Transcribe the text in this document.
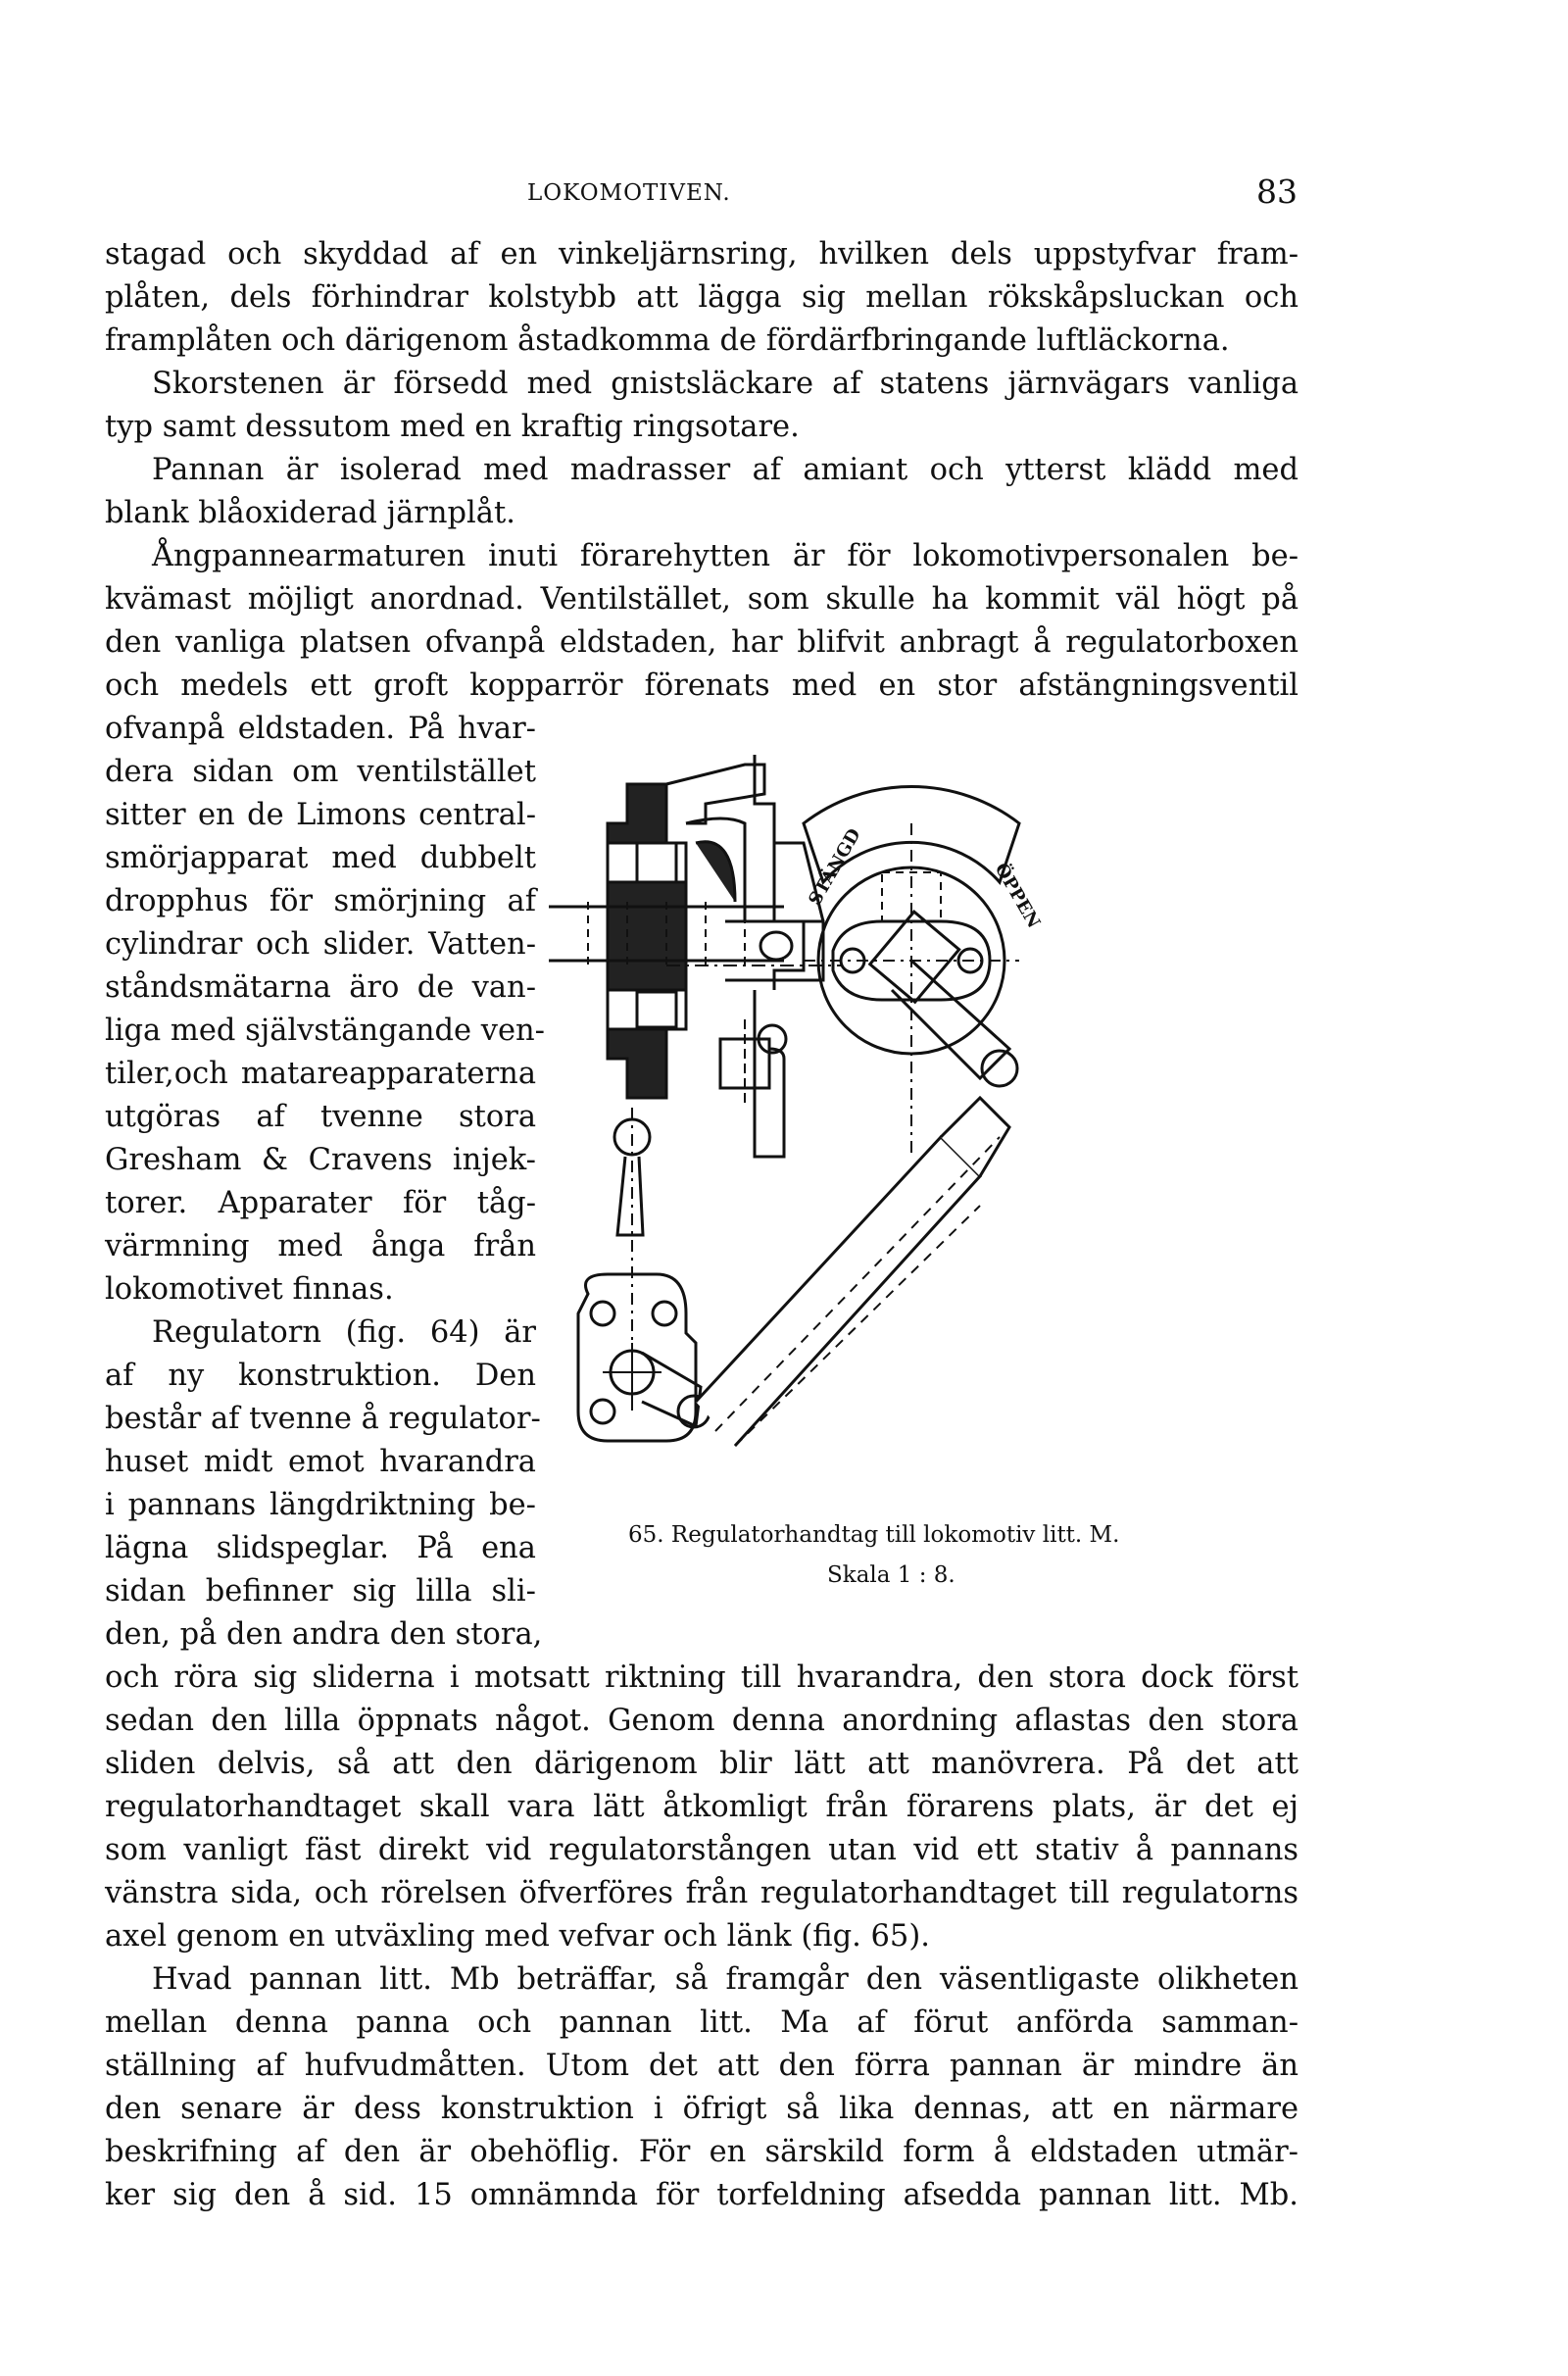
LOKOMOTIVEN.	83

stagad och skyddad af en vinkeljärnsring, hvilken dels uppstyfvar fram-
plåten, dels förhindrar kolstybb att lägga sig mellan rökskåpsluckan och
framplåten och därigenom åstadkomma de fördärfbringande luftläckorna.

Skorstenen är försedd med gnistsläckare af statens järnvägars vanliga
typ samt dessutom med en kraftig ringsotare.

Pannan är isolerad med madrasser af amiant och ytterst klädd med
blank blåoxiderad järnplåt.

Ångpannearmaturen inuti förarehytten är för lokomotivpersonalen be-
kvämast möjligt anordnad. Ventilstället, som skulle ha kommit väl högt på
den vanliga platsen ofvanpå eldstaden, har blifvit anbragt å regulatorboxen
och medels ett groft kopparrör förenats med en stor afstängningsventil

ofvanpå eldstaden. På hvar-
dera sidan om ventilstället
sitter en de Limons central-
smörjapparat med dubbelt
dropphus för smörjning af
cylindrar och slider. Vatten-
ståndsmätarna äro de van-
liga med självstängande ven-
tiler,och matareapparaterna
utgöras af tvenne stora
Gresham & Cravens injek-
torer. Apparater för tåg-
värmning med ånga från
lokomotivet finnas.

Regulatorn (fig. 64) är
af ny konstruktion. Den
består af tvenne å regulator-
huset midt emot hvarandra
i pannans längdriktning be-
lägna slidspeglar. På ena
sidan befinner sig lilla sli-
den, på den andra den stora,

STÄNGD	ÖPPEN
65. Regulatorhandtag till lokomotiv litt. M.
Skala 1 : 8.

och röra sig sliderna i motsatt riktning till hvarandra, den stora dock först
sedan den lilla öppnats något. Genom denna anordning aflastas den stora
sliden delvis, så att den därigenom blir lätt att manövrera. På det att
regulatorhandtaget skall vara lätt åtkomligt från förarens plats, är det ej
som vanligt fäst direkt vid regulatorstången utan vid ett stativ å pannans
vänstra sida, och rörelsen öfverföres från regulatorhandtaget till regulatorns
axel genom en utväxling med vefvar och länk (fig. 65).

Hvad pannan litt. Mb beträffar, så framgår den väsentligaste olikheten
mellan denna panna och pannan litt. Ma af förut anförda samman-
ställning af hufvudmåtten. Utom det att den förra pannan är mindre än
den senare är dess konstruktion i öfrigt så lika dennas, att en närmare
beskrifning af den är obehöflig. För en särskild form å eldstaden utmär-
ker sig den å sid. 15 omnämnda för torfeldning afsedda pannan litt. Mb.
